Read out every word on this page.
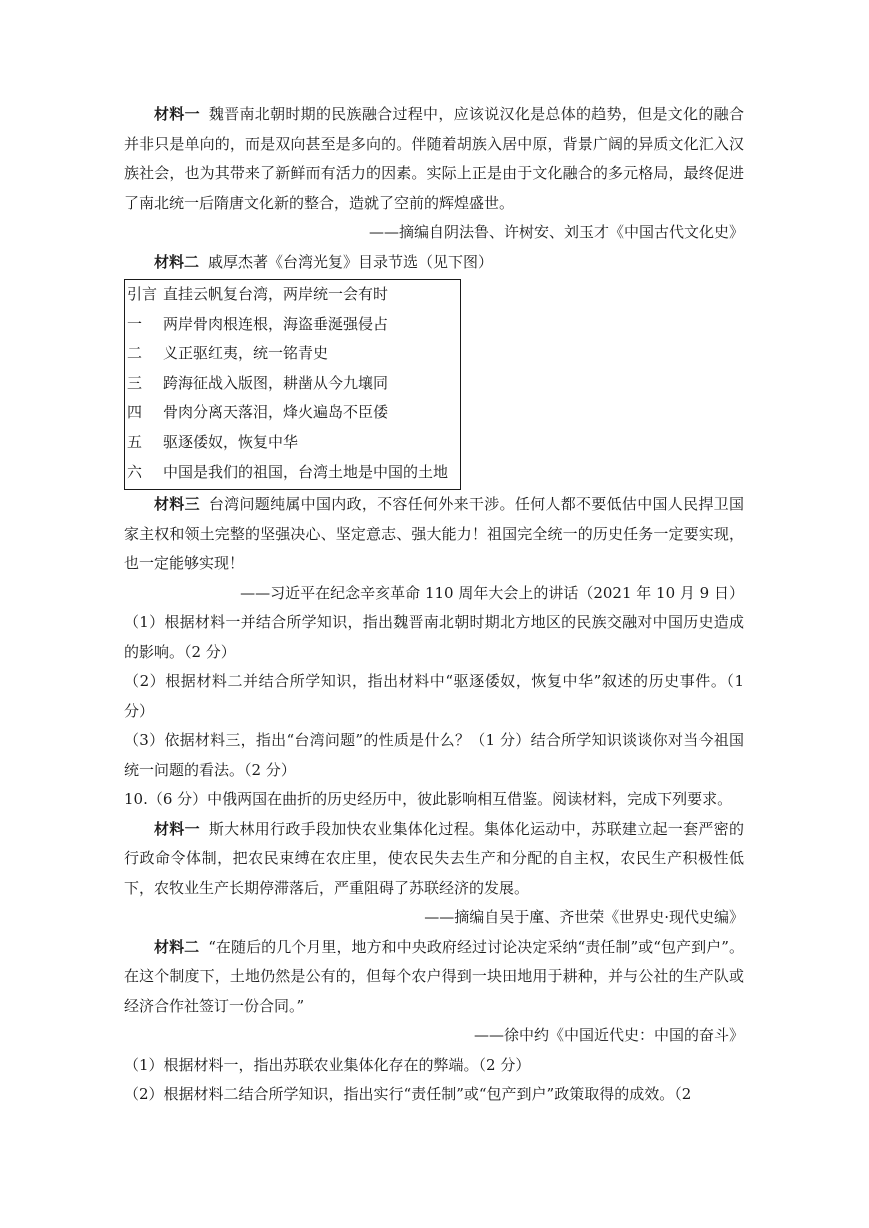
材料一 魏晋南北朝时期的民族融合过程中，应该说汉化是总体的趋势，但是文化的融合并非只是单向的，而是双向甚至是多向的。伴随着胡族入居中原，背景广阔的异质文化汇入汉族社会，也为其带来了新鲜而有活力的因素。实际上正是由于文化融合的多元格局，最终促进了南北统一后隋唐文化新的整合，造就了空前的辉煌盛世。

——摘编自阴法鲁、许树安、刘玉才《中国古代文化史》

材料二 戚厚杰著《台湾光复》目录节选（见下图）

引言 直挂云帆复台湾，两岸统一会有时
一	两岸骨肉根连根，海盗垂涎强侵占
二	义正驱红夷，统一铭青史
三	跨海征战入版图，耕凿从今九壤同
四	骨肉分离天落泪，烽火遍岛不臣倭
五	驱逐倭奴，恢复中华
六	中国是我们的祖国，台湾土地是中国的土地

材料三 台湾问题纯属中国内政，不容任何外来干涉。任何人都不要低估中国人民捍卫国家主权和领土完整的坚强决心、坚定意志、强大能力！祖国完全统一的历史任务一定要实现，也一定能够实现！

——习近平在纪念辛亥革命 110 周年大会上的讲话（2021 年 10 月 9 日）

（1）根据材料一并结合所学知识，指出魏晋南北朝时期北方地区的民族交融对中国历史造成的影响。（2 分）

（2）根据材料二并结合所学知识，指出材料中“驱逐倭奴，恢复中华”叙述的历史事件。（1 分）

（3）依据材料三，指出“台湾问题”的性质是什么？（1 分）结合所学知识谈谈你对当今祖国统一问题的看法。（2 分）

10.（6 分）中俄两国在曲折的历史经历中，彼此影响相互借鉴。阅读材料，完成下列要求。

材料一 斯大林用行政手段加快农业集体化过程。集体化运动中，苏联建立起一套严密的行政命令体制，把农民束缚在农庄里，使农民失去生产和分配的自主权，农民生产积极性低下，农牧业生产长期停滞落后，严重阻碍了苏联经济的发展。

——摘编自吴于廑、齐世荣《世界史·现代史编》

材料二 “在随后的几个月里，地方和中央政府经过讨论决定采纳“责任制”或“包产到户”。在这个制度下，土地仍然是公有的，但每个农户得到一块田地用于耕种，并与公社的生产队或经济合作社签订一份合同。”

——徐中约《中国近代史：中国的奋斗》

（1）根据材料一，指出苏联农业集体化存在的弊端。（2 分）

（2）根据材料二结合所学知识，指出实行“责任制”或“包产到户”政策取得的成效。（2
